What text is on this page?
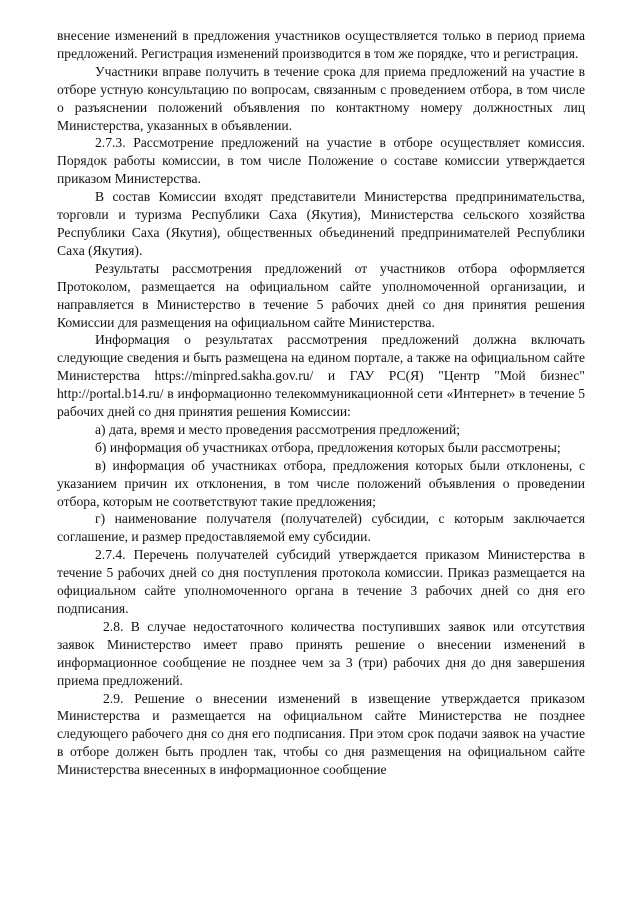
внесение изменений в предложения участников осуществляется только в период приема предложений. Регистрация изменений производится в том же порядке, что и регистрация.

Участники вправе получить в течение срока для приема предложений на участие в отборе устную консультацию по вопросам, связанным с проведением отбора, в том числе о разъяснении положений объявления по контактному номеру должностных лиц Министерства, указанных в объявлении.

2.7.3. Рассмотрение предложений на участие в отборе осуществляет комиссия. Порядок работы комиссии, в том числе Положение о составе комиссии утверждается приказом Министерства.

В состав Комиссии входят представители Министерства предпринимательства, торговли и туризма Республики Саха (Якутия), Министерства сельского хозяйства Республики Саха (Якутия), общественных объединений предпринимателей Республики Саха (Якутия).

Результаты рассмотрения предложений от участников отбора оформляется Протоколом, размещается на официальном сайте уполномоченной организации, и направляется в Министерство в течение 5 рабочих дней со дня принятия решения Комиссии для размещения на официальном сайте Министерства.

Информация о результатах рассмотрения предложений должна включать следующие сведения и быть размещена на едином портале, а также на официальном сайте Министерства https://minpred.sakha.gov.ru/ и ГАУ РС(Я) "Центр "Мой бизнес" http://portal.b14.ru/ в информационно телекоммуникационной сети «Интернет» в течение 5 рабочих дней со дня принятия решения Комиссии:

а) дата, время и место проведения рассмотрения предложений;

б) информация об участниках отбора, предложения которых были рассмотрены;

в) информация об участниках отбора, предложения которых были отклонены, с указанием причин их отклонения, в том числе положений объявления о проведении отбора, которым не соответствуют такие предложения;

г) наименование получателя (получателей) субсидии, с которым заключается соглашение, и размер предоставляемой ему субсидии.

2.7.4. Перечень получателей субсидий утверждается приказом Министерства в течение 5 рабочих дней со дня поступления протокола комиссии. Приказ размещается на официальном сайте уполномоченного органа в течение 3 рабочих дней со дня его подписания.

2.8. В случае недостаточного количества поступивших заявок или отсутствия заявок Министерство имеет право принять решение о внесении изменений в информационное сообщение не позднее чем за 3 (три) рабочих дня до дня завершения приема предложений.

2.9. Решение о внесении изменений в извещение утверждается приказом Министерства и размещается на официальном сайте Министерства не позднее следующего рабочего дня со дня его подписания. При этом срок подачи заявок на участие в отборе должен быть продлен так, чтобы со дня размещения на официальном сайте Министерства внесенных в информационное сообщение
